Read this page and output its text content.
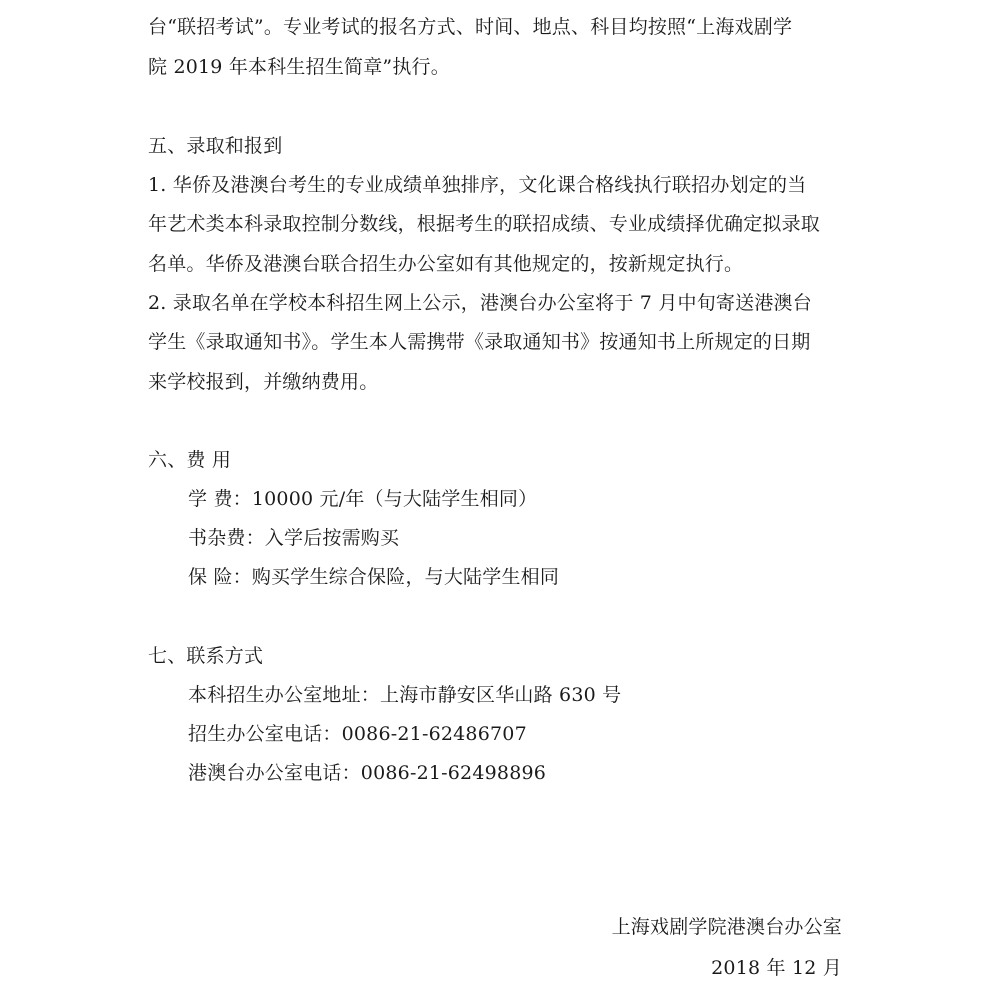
台“联招考试”。专业考试的报名方式、时间、地点、科目均按照“上海戏剧学
院 2019 年本科生招生简章”执行。
五、录取和报到
1. 华侨及港澳台考生的专业成绩单独排序，文化课合格线执行联招办划定的当
年艺术类本科录取控制分数线，根据考生的联招成绩、专业成绩择优确定拟录取
名单。华侨及港澳台联合招生办公室如有其他规定的，按新规定执行。
2. 录取名单在学校本科招生网上公示，港澳台办公室将于 7 月中旬寄送港澳台
学生《录取通知书》。学生本人需携带《录取通知书》按通知书上所规定的日期
来学校报到，并缴纳费用。
六、费 用
学 费：10000 元/年（与大陆学生相同）
书杂费：入学后按需购买
保 险：购买学生综合保险，与大陆学生相同
七、联系方式
本科招生办公室地址：上海市静安区华山路 630 号
招生办公室电话：0086-21-62486707
港澳台办公室电话：0086-21-62498896
上海戏剧学院港澳台办公室
2018 年 12 月
